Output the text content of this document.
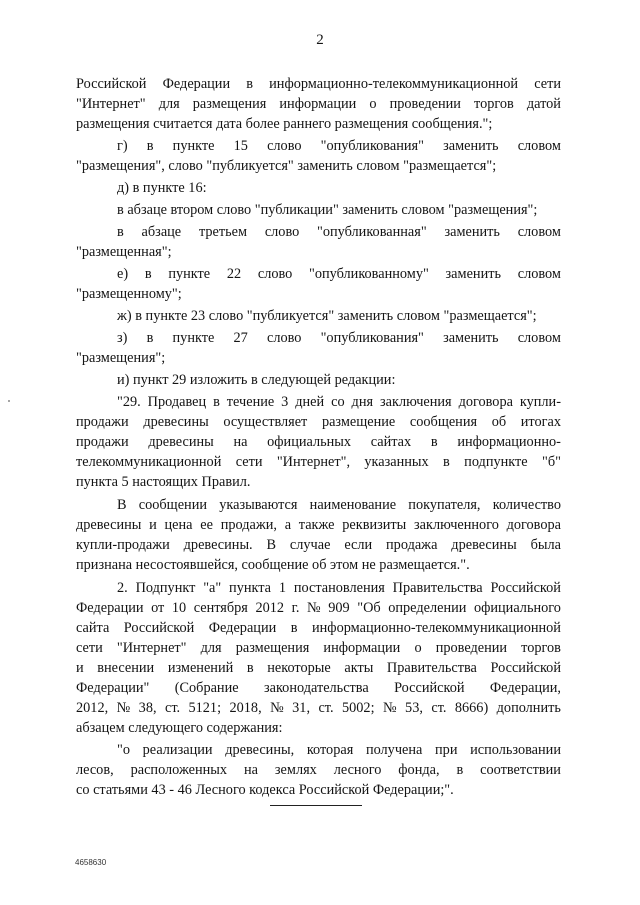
2
Российской Федерации в информационно-телекоммуникационной сети
"Интернет" для размещения информации о проведении торгов датой
размещения считается дата более раннего размещения сообщения.";
г) в пункте 15 слово "опубликования" заменить словом
"размещения", слово "публикуется" заменить словом "размещается";
д) в пункте 16:
в абзаце втором слово "публикации" заменить словом "размещения";
в абзаце третьем слово "опубликованная" заменить словом
"размещенная";
е) в пункте 22 слово "опубликованному" заменить словом
"размещенному";
ж) в пункте 23 слово "публикуется" заменить словом "размещается";
з) в пункте 27 слово "опубликования" заменить словом
"размещения";
и) пункт 29 изложить в следующей редакции:
"29. Продавец в течение 3 дней со дня заключения договора купли-
продажи древесины осуществляет размещение сообщения об итогах
продажи древесины на официальных сайтах в информационно-
телекоммуникационной сети "Интернет", указанных в подпункте "б"
пункта 5 настоящих Правил.
В сообщении указываются наименование покупателя, количество
древесины и цена ее продажи, а также реквизиты заключенного договора
купли-продажи древесины. В случае если продажа древесины была
признана несостоявшейся, сообщение об этом не размещается.".
2. Подпункт "а" пункта 1 постановления Правительства Российской
Федерации от 10 сентября 2012 г. № 909 "Об определении официального
сайта Российской Федерации в информационно-телекоммуникационной
сети "Интернет" для размещения информации о проведении торгов
и внесении изменений в некоторые акты Правительства Российской
Федерации" (Собрание законодательства Российской Федерации,
2012, № 38, ст. 5121; 2018, № 31, ст. 5002; № 53, ст. 8666) дополнить
абзацем следующего содержания:
"о реализации древесины, которая получена при использовании
лесов, расположенных на землях лесного фонда, в соответствии
со статьями 43 - 46 Лесного кодекса Российской Федерации;".
4658630
